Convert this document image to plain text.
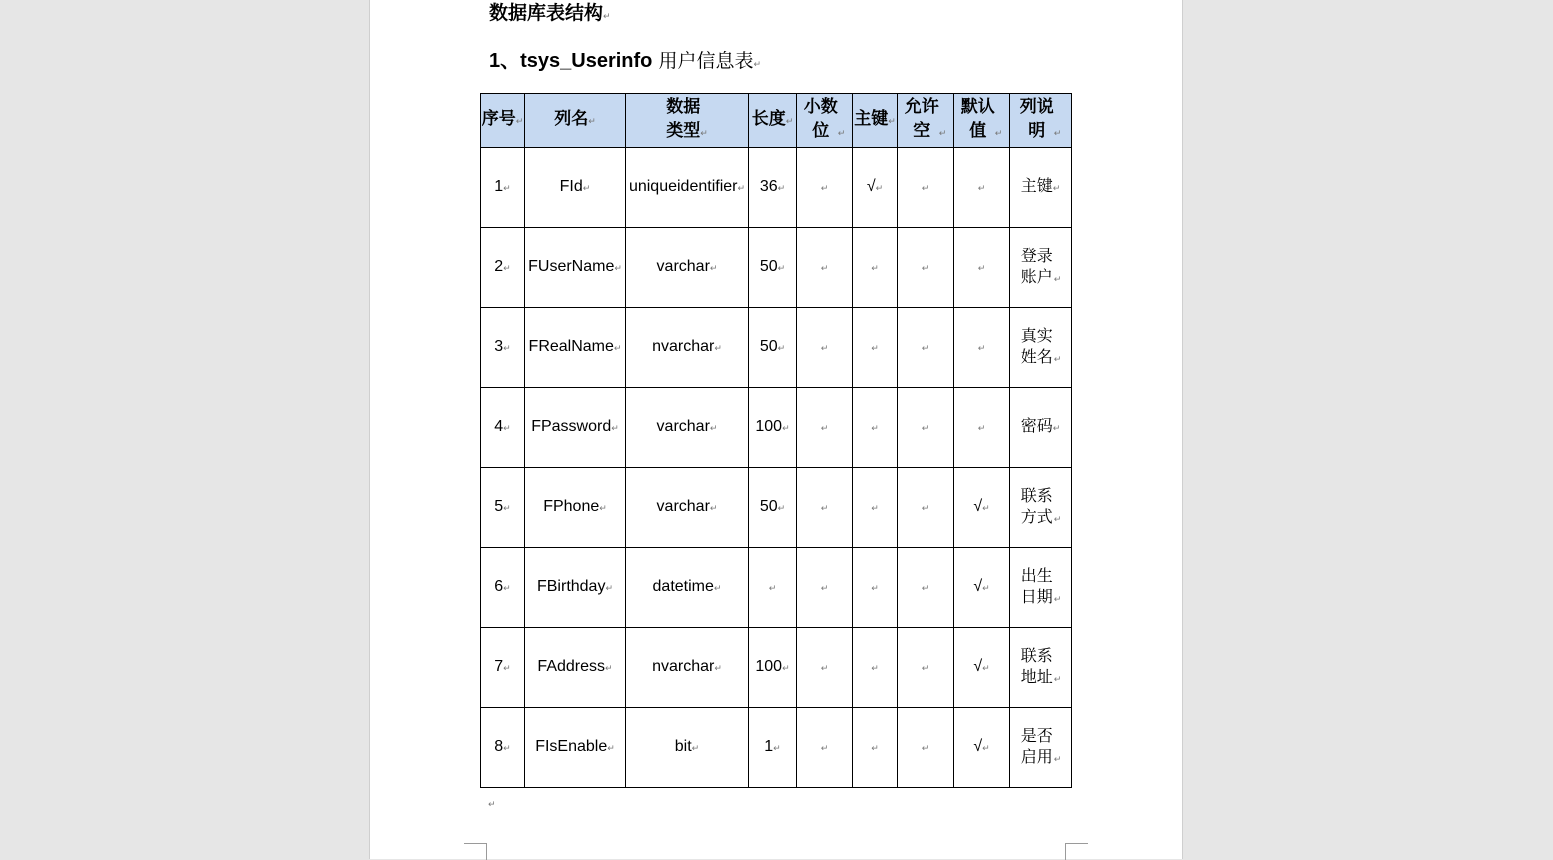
数据库表结构↵
1、tsys_Userinfo 用户信息表↵
序号↵	列名↵	数据类型↵	长度↵	小数位 ↵	主键↵	允许空 ↵	默认值 ↵	列说明 ↵
1↵	FId↵	uniqueidentifier↵	36↵	↵	√↵	↵	↵	主键↵
2↵	FUserName↵	varchar↵	50↵	↵	↵	↵	↵	登录账户↵
3↵	FRealName↵	nvarchar↵	50↵	↵	↵	↵	↵	真实姓名↵
4↵	FPassword↵	varchar↵	100↵	↵	↵	↵	↵	密码↵
5↵	FPhone↵	varchar↵	50↵	↵	↵	↵	√↵	联系方式↵
6↵	FBirthday↵	datetime↵	↵	↵	↵	↵	√↵	出生日期↵
7↵	FAddress↵	nvarchar↵	100↵	↵	↵	↵	√↵	联系地址↵
8↵	FIsEnable↵	bit↵	1↵	↵	↵	↵	√↵	是否启用↵
↵
